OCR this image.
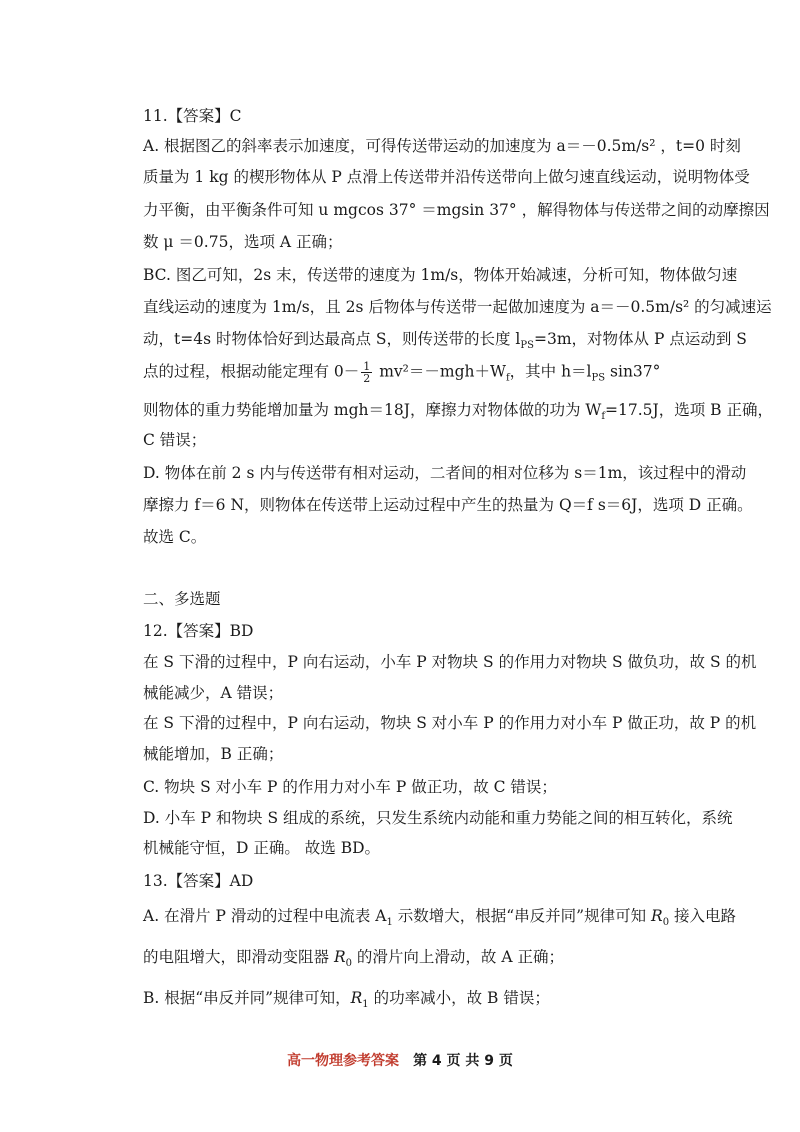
11.【答案】C
A. 根据图乙的斜率表示加速度，可得传送带运动的加速度为 a＝－0.5m/s² ，t=0 时刻
质量为 1 kg 的楔形物体从 P 点滑上传送带并沿传送带向上做匀速直线运动，说明物体受
力平衡，由平衡条件可知 u mgcos 37° ＝mgsin 37° ，解得物体与传送带之间的动摩擦因
数 μ ＝0.75，选项 A 正确；
BC. 图乙可知，2s 末，传送带的速度为 1m/s，物体开始减速，分析可知，物体做匀速
直线运动的速度为 1m/s，且 2s 后物体与传送带一起做加速度为 a＝－0.5m/s² 的匀减速运
动，t=4s 时物体恰好到达最高点 S，则传送带的长度 $l_{PS}=3m$，对物体从 P 点运动到 S
点的过程，根据动能定理有 $0- \frac{1}{2} mv^2=-mgh+W_f$，其中 $h=l_{PS}$ sin37°
则物体的重力势能增加量为 mgh＝18J，摩擦力对物体做的功为 $W_f=17.5J$，选项 B 正确，
C 错误；
D. 物体在前 2 s 内与传送带有相对运动，二者间的相对位移为 s＝1m，该过程中的滑动
摩擦力 f＝6 N，则物体在传送带上运动过程中产生的热量为 Q＝f s＝6J，选项 D 正确。
故选 C。
二、多选题
12.【答案】BD
在 S 下滑的过程中，P 向右运动，小车 P 对物块 S 的作用力对物块 S 做负功，故 S 的机
械能减少，A 错误；
在 S 下滑的过程中，P 向右运动，物块 S 对小车 P 的作用力对小车 P 做正功，故 P 的机
械能增加，B 正确；
C. 物块 S 对小车 P 的作用力对小车 P 做正功，故 C 错误；
D. 小车 P 和物块 S 组成的系统，只发生系统内动能和重力势能之间的相互转化，系统
机械能守恒，D 正确。 故选 BD。
13.【答案】AD
A. 在滑片 P 滑动的过程中电流表 $A_1$ 示数增大，根据“串反并同”规律可知 $R_0$ 接入电路
的电阻增大，即滑动变阻器 $R_0$ 的滑片向上滑动，故 A 正确；
B. 根据“串反并同”规律可知，$R_1$ 的功率减小，故 B 错误；
高一物理参考答案 第 4 页 共 9 页
